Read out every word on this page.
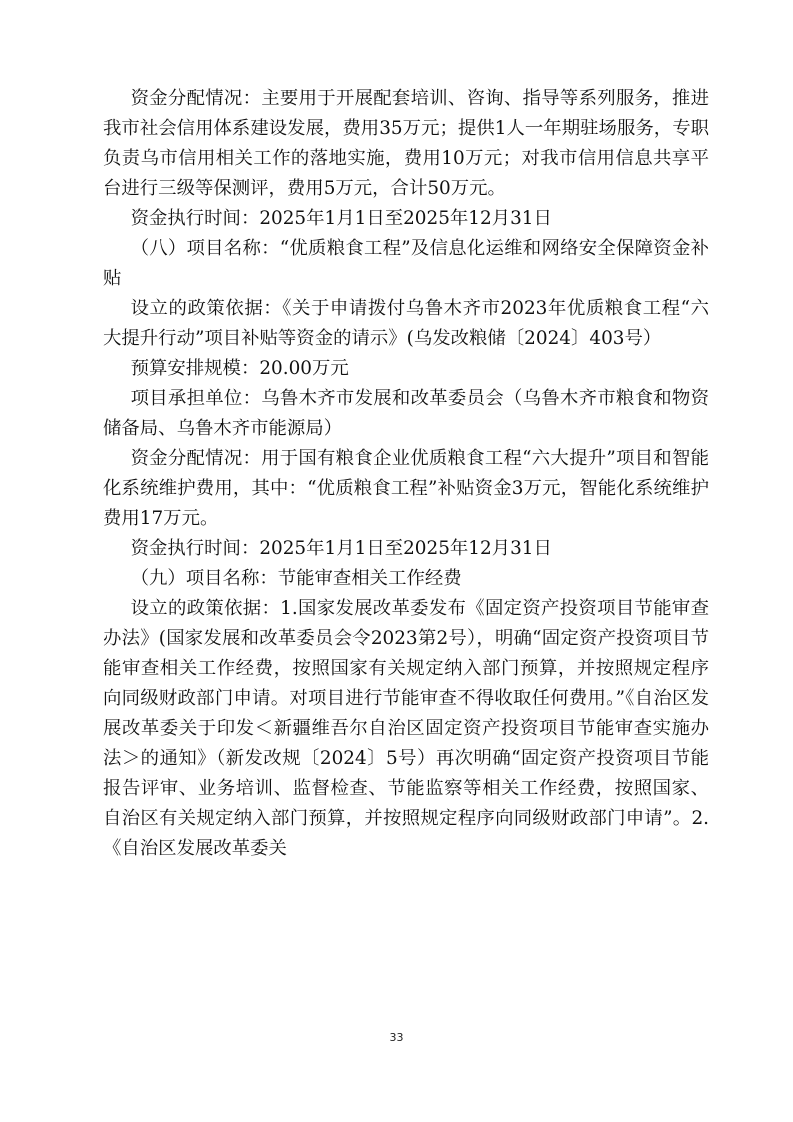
资金分配情况：主要用于开展配套培训、咨询、指导等系列服务，推进我市社会信用体系建设发展，费用35万元；提供1人一年期驻场服务，专职负责乌市信用相关工作的落地实施，费用10万元；对我市信用信息共享平台进行三级等保测评，费用5万元，合计50万元。

资金执行时间：2025年1月1日至2025年12月31日

（八）项目名称：“优质粮食工程”及信息化运维和网络安全保障资金补贴

设立的政策依据：《关于申请拨付乌鲁木齐市2023年优质粮食工程“六大提升行动”项目补贴等资金的请示》(乌发改粮储〔2024〕403号）

预算安排规模：20.00万元

项目承担单位：乌鲁木齐市发展和改革委员会（乌鲁木齐市粮食和物资储备局、乌鲁木齐市能源局）

资金分配情况：用于国有粮食企业优质粮食工程“六大提升”项目和智能化系统维护费用，其中：“优质粮食工程”补贴资金3万元，智能化系统维护费用17万元。

资金执行时间：2025年1月1日至2025年12月31日

（九）项目名称：节能审查相关工作经费

设立的政策依据：1.国家发展改革委发布《固定资产投资项目节能审查办法》(国家发展和改革委员会令2023第2号），明确“固定资产投资项目节能审查相关工作经费，按照国家有关规定纳入部门预算，并按照规定程序向同级财政部门申请。对项目进行节能审查不得收取任何费用。”《自治区发展改革委关于印发＜新疆维吾尔自治区固定资产投资项目节能审查实施办法＞的通知》（新发改规〔2024〕5号）再次明确“固定资产投资项目节能报告评审、业务培训、监督检查、节能监察等相关工作经费，按照国家、自治区有关规定纳入部门预算，并按照规定程序向同级财政部门申请”。2.《自治区发展改革委关

33
